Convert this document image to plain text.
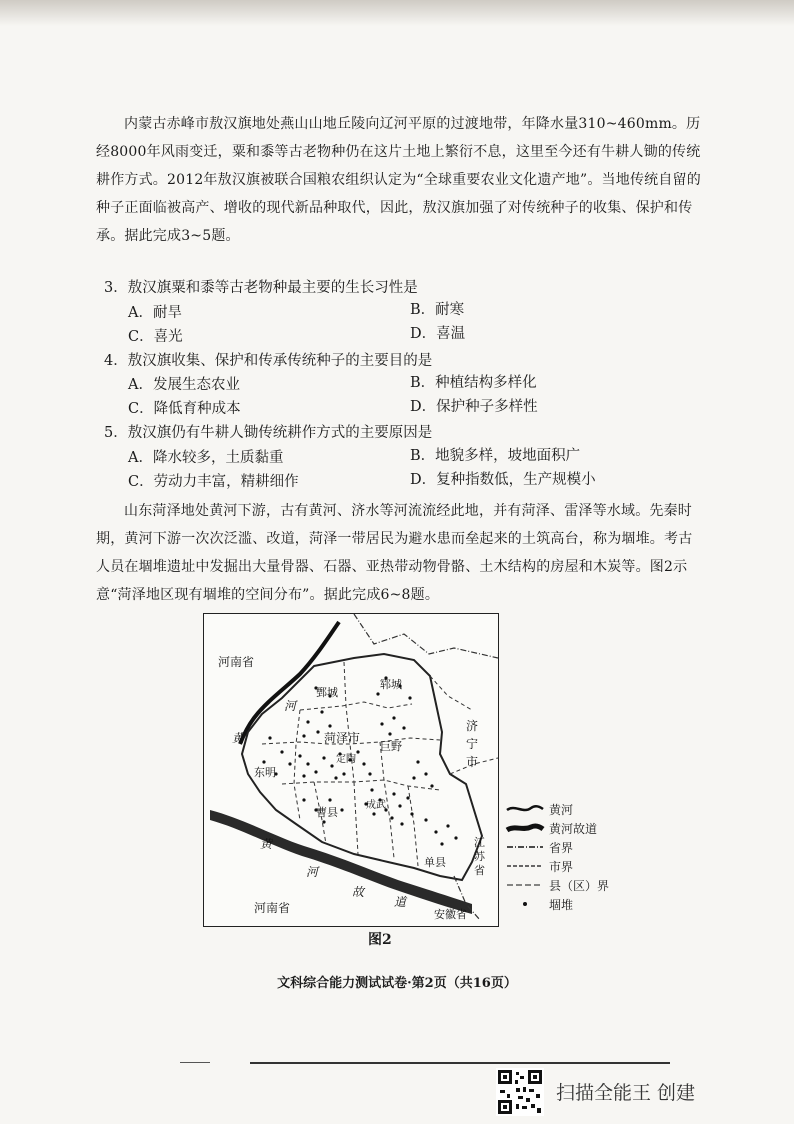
内蒙古赤峰市敖汉旗地处燕山山地丘陵向辽河平原的过渡地带，年降水量310~460mm。历经8000年风雨变迁，粟和黍等古老物种仍在这片土地上繁衍不息，这里至今还有牛耕人锄的传统耕作方式。2012年敖汉旗被联合国粮农组织认定为“全球重要农业文化遗产地”。当地传统自留的种子正面临被高产、增收的现代新品种取代，因此，敖汉旗加强了对传统种子的收集、保护和传承。据此完成3~5题。

3．敖汉旗粟和黍等古老物种最主要的生长习性是

A．耐旱	B．耐寒

C．喜光	D．喜温

4．敖汉旗收集、保护和传承传统种子的主要目的是

A．发展生态农业	B．种植结构多样化

C．降低育种成本	D．保护种子多样性

5．敖汉旗仍有牛耕人锄传统耕作方式的主要原因是

A．降水较多，土质黏重	B．地貌多样，坡地面积广

C．劳动力丰富，精耕细作	D．复种指数低，生产规模小

山东菏泽地处黄河下游，古有黄河、济水等河流流经此地，并有菏泽、雷泽等水域。先秦时期，黄河下游一次次泛滥、改道，菏泽一带居民为避水患而垒起来的土筑高台，称为堌堆。考古人员在堌堆遗址中发掘出大量骨器、石器、亚热带动物骨骼、土木结构的房屋和木炭等。图2示意“菏泽地区现有堌堆的空间分布”。据此完成6~8题。

河南省
河南省
济
宁
市
江
苏
省
安徽省
鄄城
郓城
菏泽市
巨野
东明
定陶
成武
曹县
单县
河
黄
黄
河
故
道
黄河
黄河故道
省界
市界
县（区）界
堌堆

图2

文科综合能力测试试卷·第2页（共16页）

扫描全能王 创建
